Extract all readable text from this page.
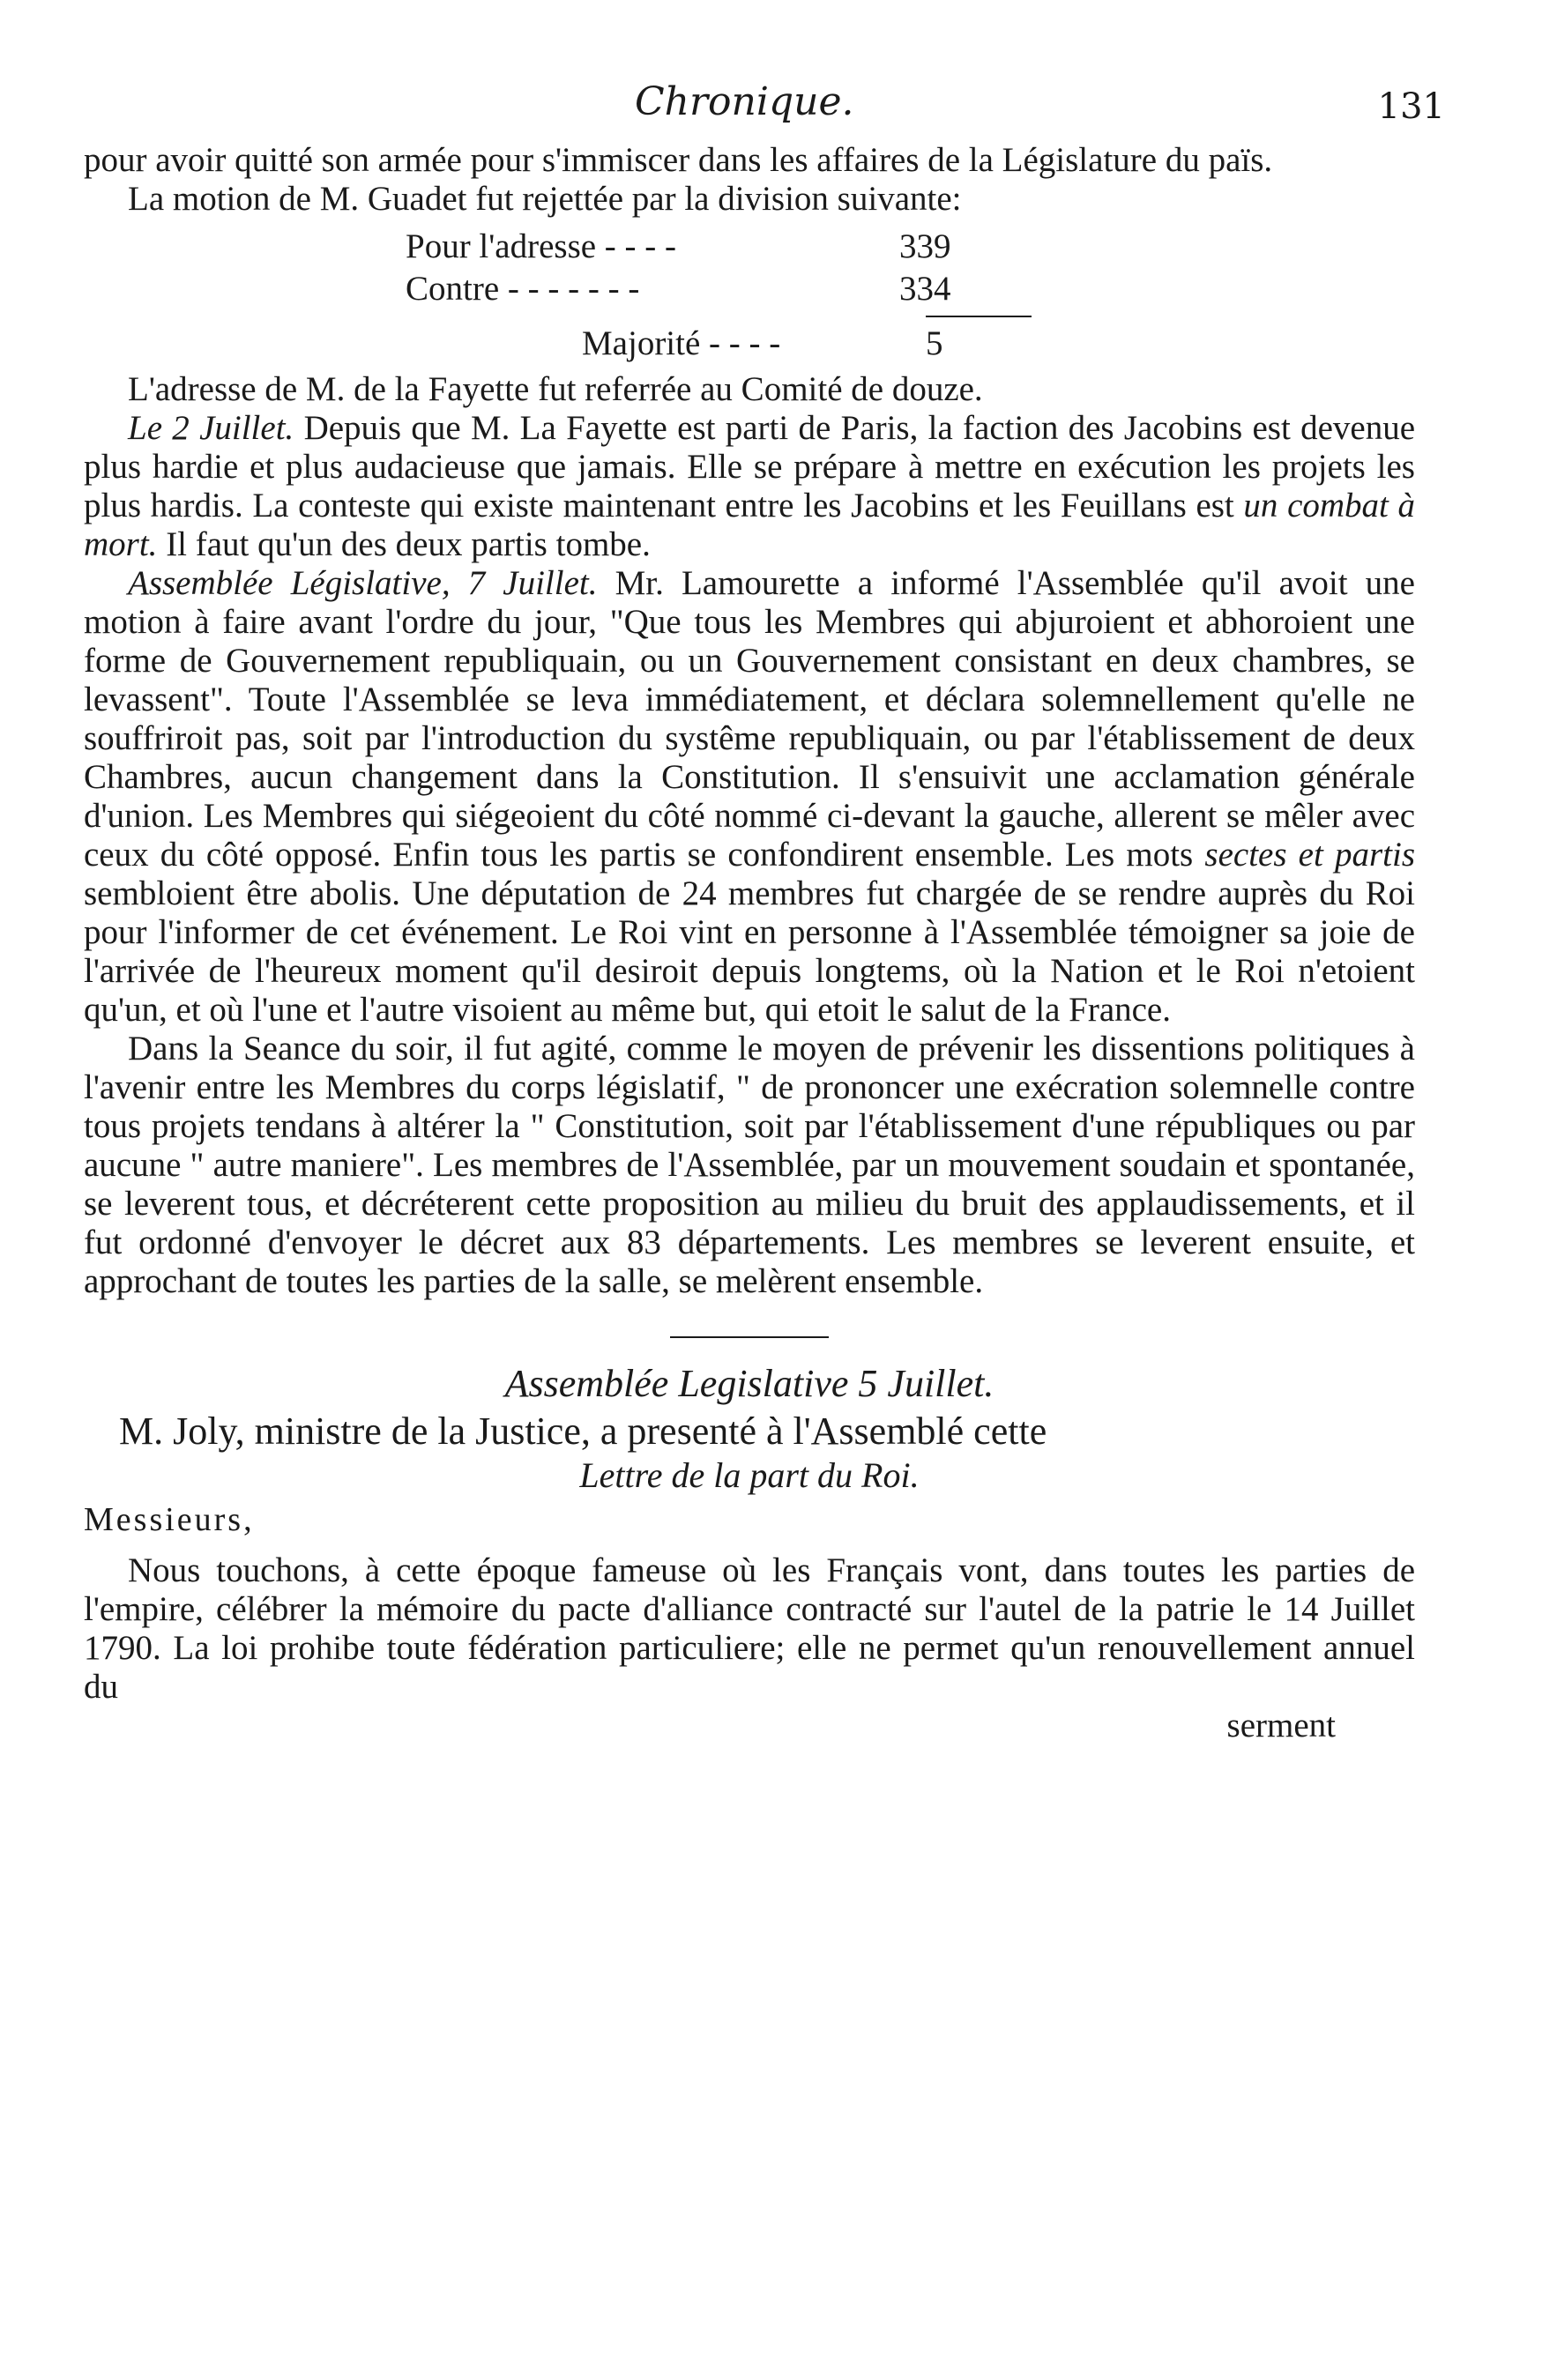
Chronique.	131

pour avoir quitté son armée pour s'immiscer dans les affaires de la Législature du païs.

La motion de M. Guadet fut rejettée par la division suivante:

Pour l'adresse - - - -	339
Contre - - - - - - -	334
Majorité - - - -	5

L'adresse de M. de la Fayette fut referrée au Comité de douze.

Le 2 Juillet. Depuis que M. La Fayette est parti de Paris, la faction des Jacobins est devenue plus hardie et plus audacieuse que jamais. Elle se prépare à mettre en exécution les projets les plus hardis. La conteste qui existe maintenant entre les Jacobins et les Feuillans est un combat à mort. Il faut qu'un des deux partis tombe.

Assemblée Législative, 7 Juillet. Mr. Lamourette a informé l'Assemblée qu'il avoit une motion à faire avant l'ordre du jour, "Que tous les Membres qui abjuroient et abhoroient une forme de Gouvernement republiquain, ou un Gouvernement consistant en deux chambres, se levassent". Toute l'Assemblée se leva immédiatement, et déclara solemnellement qu'elle ne souffriroit pas, soit par l'introduction du systême republiquain, ou par l'établissement de deux Chambres, aucun changement dans la Constitution. Il s'ensuivit une acclamation générale d'union. Les Membres qui siégeoient du côté nommé ci-devant la gauche, allerent se mêler avec ceux du côté opposé. Enfin tous les partis se confondirent ensemble. Les mots sectes et partis sembloient être abolis. Une députation de 24 membres fut chargée de se rendre auprès du Roi pour l'informer de cet événement. Le Roi vint en personne à l'Assemblée témoigner sa joie de l'arrivée de l'heureux moment qu'il desiroit depuis longtems, où la Nation et le Roi n'etoient qu'un, et où l'une et l'autre visoient au même but, qui etoit le salut de la France.

Dans la Seance du soir, il fut agité, comme le moyen de prévenir les dissentions politiques à l'avenir entre les Membres du corps législatif, " de prononcer une exécration solemnelle contre tous projets tendans à altérer la " Constitution, soit par l'établissement d'une républiques ou par aucune " autre maniere". Les membres de l'Assemblée, par un mouvement soudain et spontanée, se leverent tous, et décréterent cette proposition au milieu du bruit des applaudissements, et il fut ordonné d'envoyer le décret aux 83 départements. Les membres se leverent ensuite, et approchant de toutes les parties de la salle, se melèrent ensemble.

Assemblée Legislative 5 Juillet.

M. Joly, ministre de la Justice, a presenté à l'Assemblé cette

Lettre de la part du Roi.
Messieurs,

Nous touchons, à cette époque fameuse où les Français vont, dans toutes les parties de l'empire, célébrer la mémoire du pacte d'alliance contracté sur l'autel de la patrie le 14 Juillet 1790. La loi prohibe toute fédération particuliere; elle ne permet qu'un renouvellement annuel du

serment
